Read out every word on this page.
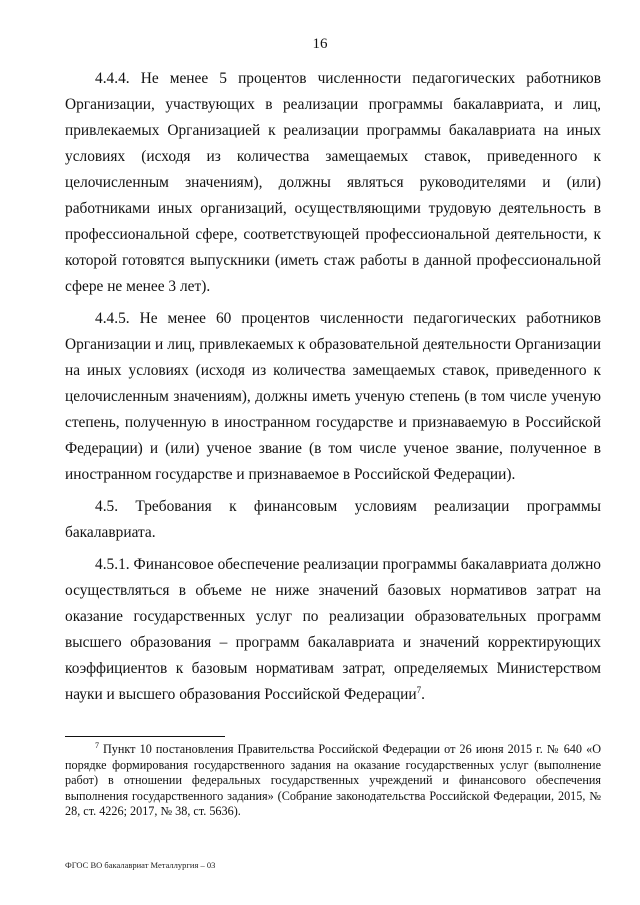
16

4.4.4. Не менее 5 процентов численности педагогических работников Организации, участвующих в реализации программы бакалавриата, и лиц, привлекаемых Организацией к реализации программы бакалавриата на иных условиях (исходя из количества замещаемых ставок, приведенного к целочисленным значениям), должны являться руководителями и (или) работниками иных организаций, осуществляющими трудовую деятельность в профессиональной сфере, соответствующей профессиональной деятельности, к которой готовятся выпускники (иметь стаж работы в данной профессиональной сфере не менее 3 лет).

4.4.5. Не менее 60 процентов численности педагогических работников Организации и лиц, привлекаемых к образовательной деятельности Организации на иных условиях (исходя из количества замещаемых ставок, приведенного к целочисленным значениям), должны иметь ученую степень (в том числе ученую степень, полученную в иностранном государстве и признаваемую в Российской Федерации) и (или) ученое звание (в том числе ученое звание, полученное в иностранном государстве и признаваемое в Российской Федерации).

4.5. Требования к финансовым условиям реализации программы бакалавриата.

4.5.1. Финансовое обеспечение реализации программы бакалавриата должно осуществляться в объеме не ниже значений базовых нормативов затрат на оказание государственных услуг по реализации образовательных программ высшего образования – программ бакалавриата и значений корректирующих коэффициентов к базовым нормативам затрат, определяемых Министерством науки и высшего образования Российской Федерации$^7$.

$^7$ Пункт 10 постановления Правительства Российской Федерации от 26 июня 2015 г. № 640 «О порядке формирования государственного задания на оказание государственных услуг (выполнение работ) в отношении федеральных государственных учреждений и финансового обеспечения выполнения государственного задания» (Собрание законодательства Российской Федерации, 2015, № 28, ст. 4226; 2017, № 38, ст. 5636).
ФГОС ВО бакалавриат Металлургия – 03
